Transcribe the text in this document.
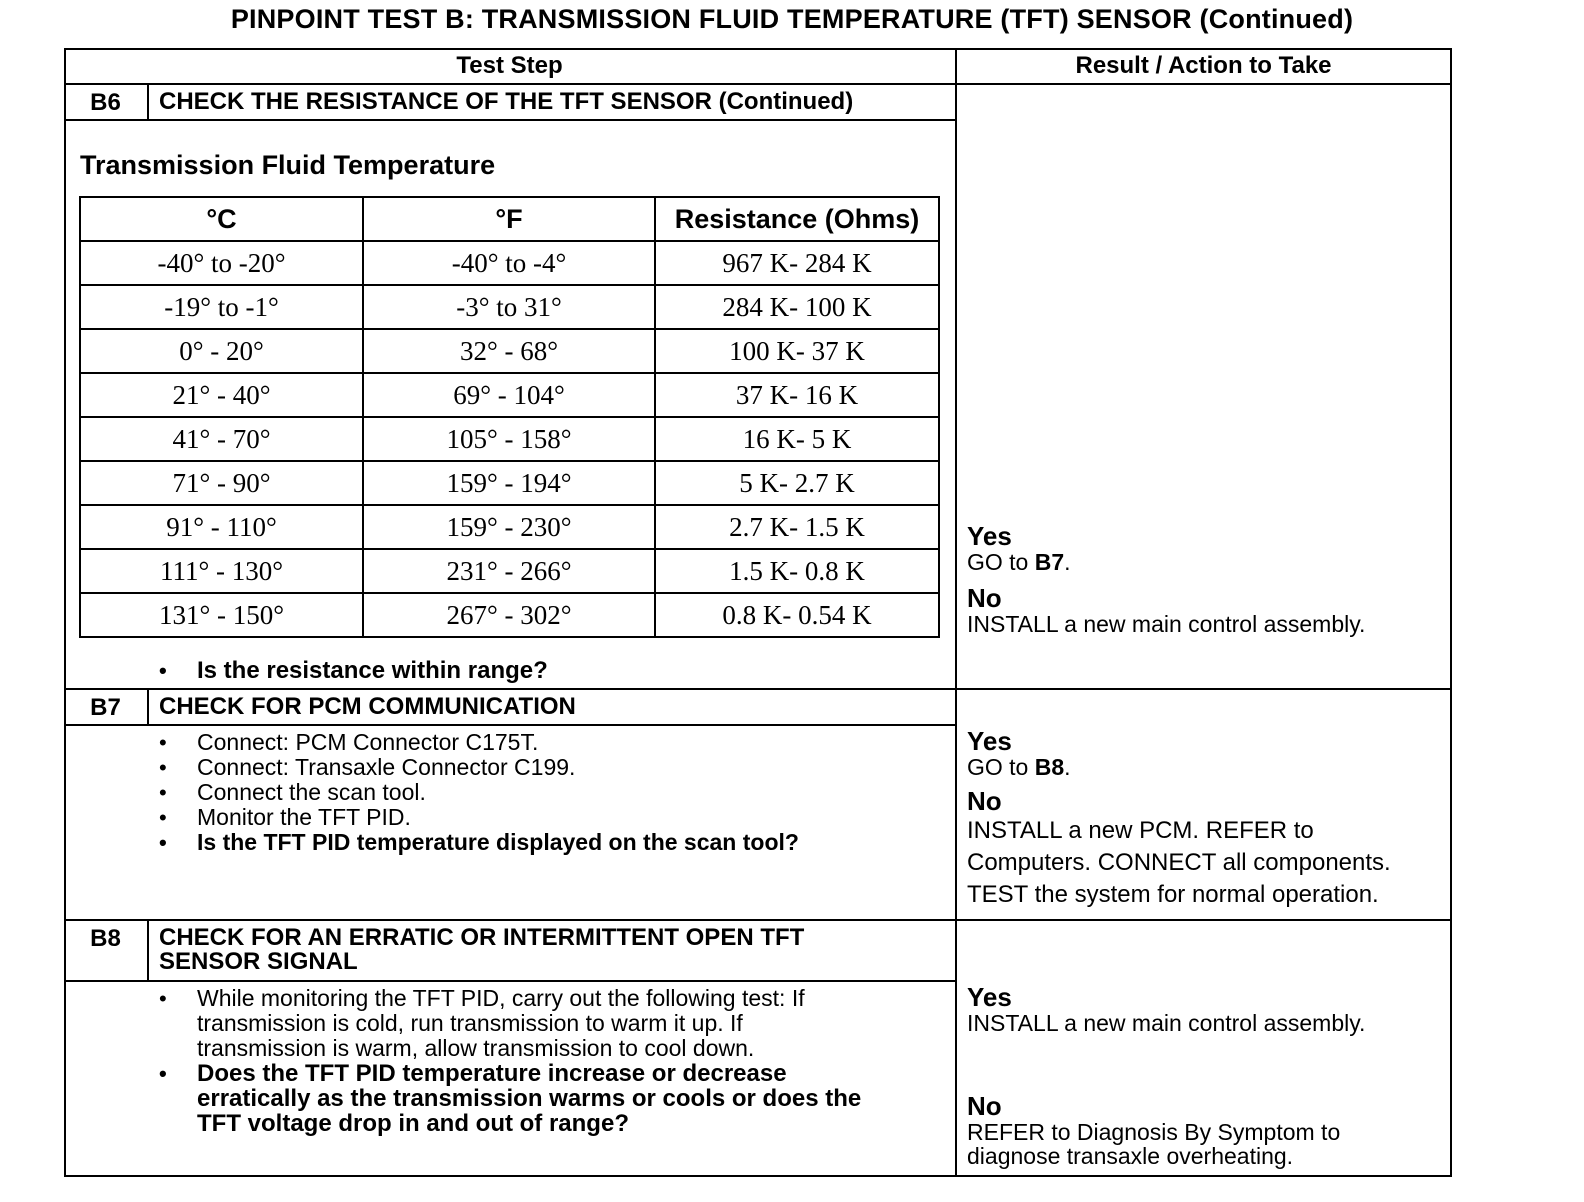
PINPOINT TEST B: TRANSMISSION FLUID TEMPERATURE (TFT) SENSOR (Continued)
Test Step	Result / Action to Take
B6	CHECK THE RESISTANCE OF THE TFT SENSOR (Continued)
Transmission Fluid Temperature
°C	°F	Resistance (Ohms)
-40° to -20°	-40° to -4°	967 K- 284 K
-19° to -1°	-3° to 31°	284 K- 100 K
0° - 20°	32° - 68°	100 K- 37 K
21° - 40°	69° - 104°	37 K- 16 K
41° - 70°	105° - 158°	16 K- 5 K
71° - 90°	159° - 194°	5 K- 2.7 K
91° - 110°	159° - 230°	2.7 K- 1.5 K
111° - 130°	231° - 266°	1.5 K- 0.8 K
131° - 150°	267° - 302°	0.8 K- 0.54 K
• Is the resistance within range?
Yes
GO to B7.
No
INSTALL a new main control assembly.
B7	CHECK FOR PCM COMMUNICATION
• Connect: PCM Connector C175T.
• Connect: Transaxle Connector C199.
• Connect the scan tool.
• Monitor the TFT PID.
• Is the TFT PID temperature displayed on the scan tool?
Yes
GO to B8.
No
INSTALL a new PCM. REFER to
Computers. CONNECT all components.
TEST the system for normal operation.
B8	CHECK FOR AN ERRATIC OR INTERMITTENT OPEN TFT
SENSOR SIGNAL
• While monitoring the TFT PID, carry out the following test: If
transmission is cold, run transmission to warm it up. If
transmission is warm, allow transmission to cool down.
• Does the TFT PID temperature increase or decrease
erratically as the transmission warms or cools or does the
TFT voltage drop in and out of range?
Yes
INSTALL a new main control assembly.
No
REFER to Diagnosis By Symptom to
diagnose transaxle overheating.
